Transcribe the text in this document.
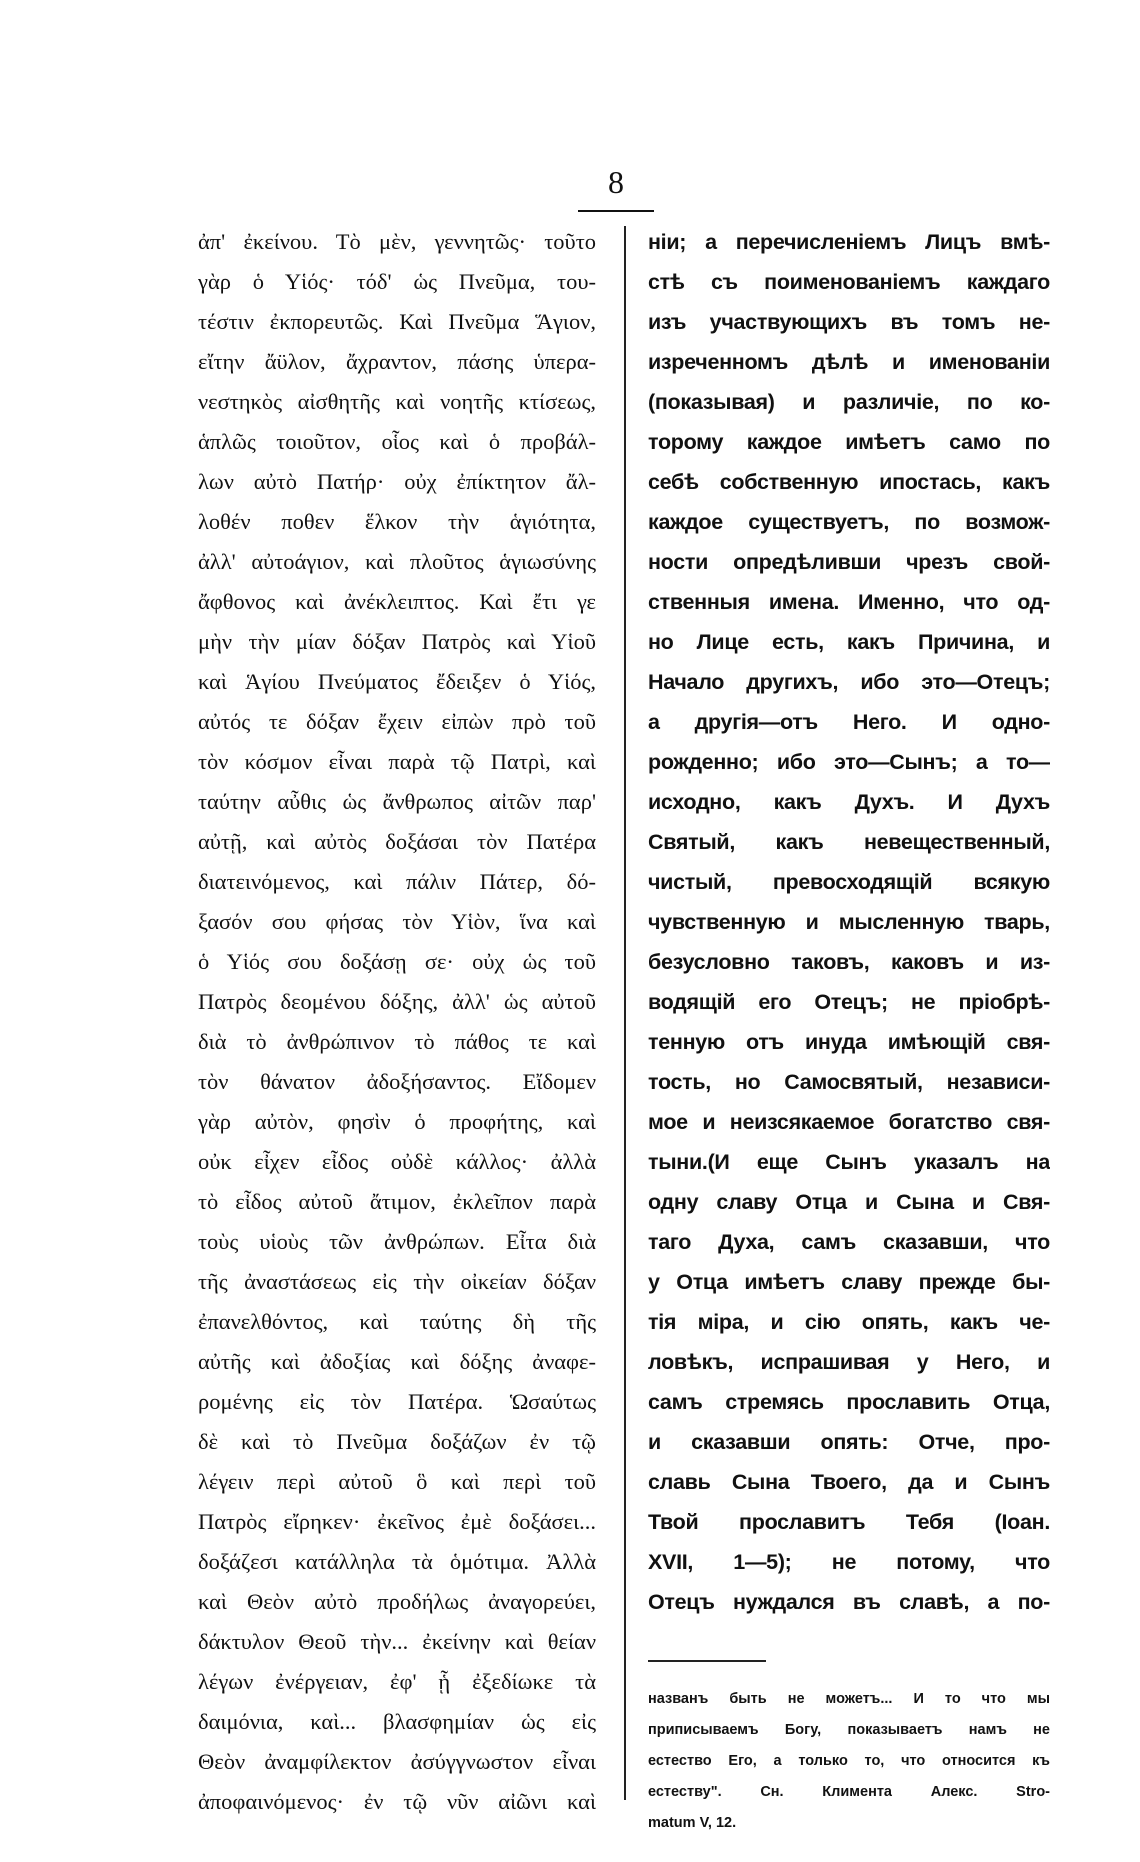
8
ἀπ' ἐκείνου. Τὸ μὲν, γεννητῶς· τοῦτο
γὰρ ὁ Υἱός· τόδ' ὡς Πνεῦμα, του-
τέστιν ἐκπορευτῶς. Καὶ Πνεῦμα Ἅγιον,
εἴτην ἄϋλον, ἄχραντον, πάσης ὑπερα-
νεστηκὸς αἰσθητῆς καὶ νοητῆς κτίσεως,
ἁπλῶς τοιοῦτον, οἷος καὶ ὁ προβάλ-
λων αὐτὸ Πατήρ· οὐχ ἐπίκτητον ἄλ-
λοθέν ποθεν ἕλκον τὴν ἁγιότητα,
ἀλλ' αὐτοάγιον, καὶ πλοῦτος ἁγιωσύνης
ἄφθονος καὶ ἀνέκλειπτος. Καὶ ἔτι γε
μὴν τὴν μίαν δόξαν Πατρὸς καὶ Υἱοῦ
καὶ Ἁγίου Πνεύματος ἔδειξεν ὁ Υἱός,
αὐτός τε δόξαν ἔχειν εἰπὼν πρὸ τοῦ
τὸν κόσμον εἶναι παρὰ τῷ Πατρὶ, καὶ
ταύτην αὖθις ὡς ἄνθρωπος αἰτῶν παρ'
αὐτῇ, καὶ αὐτὸς δοξάσαι τὸν Πατέρα
διατεινόμενος, καὶ πάλιν Πάτερ, δό-
ξασόν σου φήσας τὸν Υἱὸν, ἵνα καὶ
ὁ Υἱός σου δοξάσῃ σε· οὐχ ὡς τοῦ
Πατρὸς δεομένου δόξης, ἀλλ' ὡς αὐτοῦ
διὰ τὸ ἀνθρώπινον τὸ πάθος τε καὶ
τὸν θάνατον ἀδοξήσαντος. Εἴδομεν
γὰρ αὐτὸν, φησὶν ὁ προφήτης, καὶ
οὐκ εἶχεν εἶδος οὐδὲ κάλλος· ἀλλὰ
τὸ εἶδος αὐτοῦ ἄτιμον, ἐκλεῖπον παρὰ
τοὺς υἱοὺς τῶν ἀνθρώπων. Εἶτα διὰ
τῆς ἀναστάσεως εἰς τὴν οἰκείαν δόξαν
ἐπανελθόντος, καὶ ταύτης δὴ τῆς
αὐτῆς καὶ ἀδοξίας καὶ δόξης ἀναφε-
ρομένης εἰς τὸν Πατέρα. Ὡσαύτως
δὲ καὶ τὸ Πνεῦμα δοξάζων ἐν τῷ
λέγειν περὶ αὐτοῦ ὃ καὶ περὶ τοῦ
Πατρὸς εἴρηκεν· ἐκεῖνος ἐμὲ δοξάσει...
δοξάζεσι κατάλληλα τὰ ὁμότιμα. Ἀλλὰ
καὶ Θεὸν αὐτὸ προδήλως ἀναγορεύει,
δάκτυλον Θεοῦ τὴν... ἐκείνην καὶ θείαν
λέγων ἐνέργειαν, ἐφ' ᾗ ἐξεδίωκε τὰ
δαιμόνια, καὶ... βλασφημίαν ὡς εἰς
Θεὸν ἀναμφίλεκτον ἀσύγγνωστον εἶναι
ἀποφαινόμενος· ἐν τῷ νῦν αἰῶνι καὶ
ніи; а перечисленіемъ Лицъ вмѣ-
стѣ съ поименованіемъ каждаго
изъ участвующихъ въ томъ не-
изреченномъ дѣлѣ и именованіи
(показывая) и различіе, по ко-
торому каждое имѣетъ само по
себѣ собственную ипостась, какъ
каждое существуетъ, по возмож-
ности опредѣливши чрезъ свой-
ственныя имена. Именно, что од-
но Лице есть, какъ Причина, и
Начало другихъ, ибо это—Отецъ;
а другія—отъ Него. И одно-
рожденно; ибо это—Сынъ; а то—
исходно, какъ Духъ. И Духъ
Святый, какъ невещественный,
чистый, превосходящій всякую
чувственную и мысленную тварь,
безусловно таковъ, каковъ и из-
водящій его Отецъ; не пріобрѣ-
тенную отъ инуда имѣющій свя-
тость, но Самосвятый, независи-
мое и неизсякаемое богатство свя-
тыни.(И еще Сынъ указалъ на
одну славу Отца и Сына и Свя-
таго Духа, самъ сказавши, что
у Отца имѣетъ славу прежде бы-
тія міра, и сію опять, какъ че-
ловѣкъ, испрашивая у Него, и
самъ стремясь прославить Отца,
и сказавши опять: Отче, про-
славь Сына Твоего, да и Сынъ
Твой прославитъ Тебя (Іоан.
XVII, 1—5); не потому, что
Отецъ нуждался въ славѣ, а по-
названъ быть не можетъ... И то что мы
приписываемъ Богу, показываетъ намъ не
естество Его, а только то, что относится къ
естеству". Сн. Климента Алекс. Stro-
matum V, 12.
